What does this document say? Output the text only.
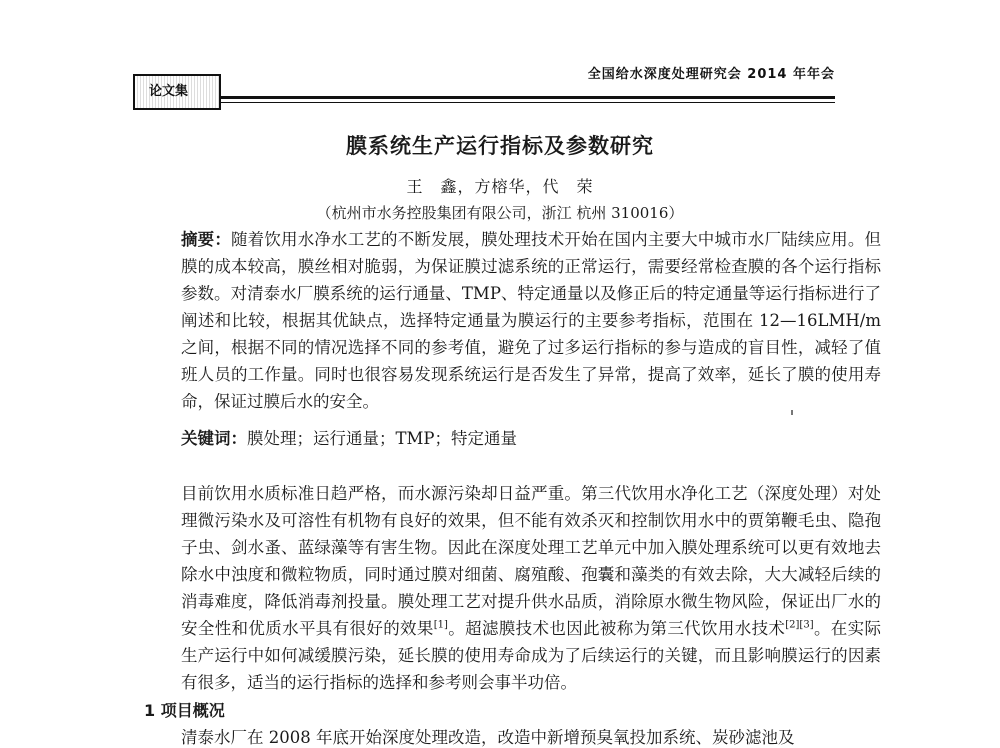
全国给水深度处理研究会 2014 年年会
论文集
膜系统生产运行指标及参数研究
王　鑫，方榕华，代　荣
（杭州市水务控股集团有限公司，浙江 杭州 310016）

摘要：随着饮用水净水工艺的不断发展，膜处理技术开始在国内主要大中城市水厂陆续应用。但膜的成本较高，膜丝相对脆弱，为保证膜过滤系统的正常运行，需要经常检查膜的各个运行指标参数。对清泰水厂膜系统的运行通量、TMP、特定通量以及修正后的特定通量等运行指标进行了阐述和比较，根据其优缺点，选择特定通量为膜运行的主要参考指标，范围在 12—16LMH/m 之间，根据不同的情况选择不同的参考值，避免了过多运行指标的参与造成的盲目性，减轻了值班人员的工作量。同时也很容易发现系统运行是否发生了异常，提高了效率，延长了膜的使用寿命，保证过膜后水的安全。

关键词：膜处理；运行通量；TMP；特定通量

目前饮用水质标准日趋严格，而水源污染却日益严重。第三代饮用水净化工艺（深度处理）对处理微污染水及可溶性有机物有良好的效果，但不能有效杀灭和控制饮用水中的贾第鞭毛虫、隐孢子虫、剑水蚤、蓝绿藻等有害生物。因此在深度处理工艺单元中加入膜处理系统可以更有效地去除水中浊度和微粒物质，同时通过膜对细菌、腐殖酸、孢囊和藻类的有效去除，大大减轻后续的消毒难度，降低消毒剂投量。膜处理工艺对提升供水品质，消除原水微生物风险，保证出厂水的安全性和优质水平具有很好的效果[1]。超滤膜技术也因此被称为第三代饮用水技术[2][3]。在实际生产运行中如何减缓膜污染，延长膜的使用寿命成为了后续运行的关键，而且影响膜运行的因素有很多，适当的运行指标的选择和参考则会事半功倍。

1 项目概况
清泰水厂在 2008 年底开始深度处理改造，改造中新增预臭氧投加系统、炭砂滤池及
